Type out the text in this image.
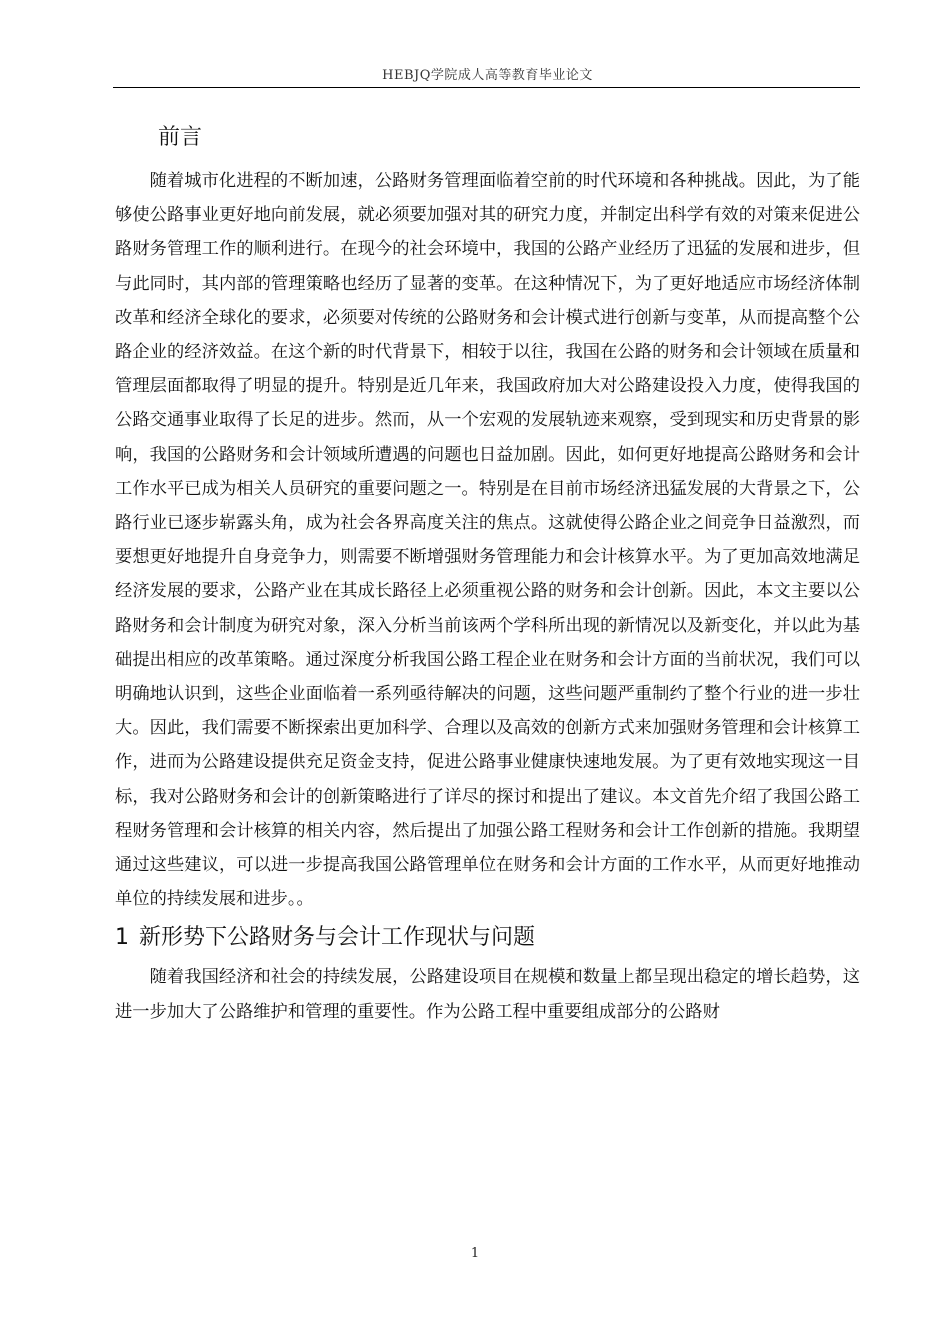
HEBJQ学院成人高等教育毕业论文
前言

随着城市化进程的不断加速，公路财务管理面临着空前的时代环境和各种挑战。因此，为了能够使公路事业更好地向前发展，就必须要加强对其的研究力度，并制定出科学有效的对策来促进公路财务管理工作的顺利进行。在现今的社会环境中，我国的公路产业经历了迅猛的发展和进步，但与此同时，其内部的管理策略也经历了显著的变革。在这种情况下，为了更好地适应市场经济体制改革和经济全球化的要求，必须要对传统的公路财务和会计模式进行创新与变革，从而提高整个公路企业的经济效益。在这个新的时代背景下，相较于以往，我国在公路的财务和会计领域在质量和管理层面都取得了明显的提升。特别是近几年来，我国政府加大对公路建设投入力度，使得我国的公路交通事业取得了长足的进步。然而，从一个宏观的发展轨迹来观察，受到现实和历史背景的影响，我国的公路财务和会计领域所遭遇的问题也日益加剧。因此，如何更好地提高公路财务和会计工作水平已成为相关人员研究的重要问题之一。特别是在目前市场经济迅猛发展的大背景之下，公路行业已逐步崭露头角，成为社会各界高度关注的焦点。这就使得公路企业之间竞争日益激烈，而要想更好地提升自身竞争力，则需要不断增强财务管理能力和会计核算水平。为了更加高效地满足经济发展的要求，公路产业在其成长路径上必须重视公路的财务和会计创新。因此，本文主要以公路财务和会计制度为研究对象，深入分析当前该两个学科所出现的新情况以及新变化，并以此为基础提出相应的改革策略。通过深度分析我国公路工程企业在财务和会计方面的当前状况，我们可以明确地认识到，这些企业面临着一系列亟待解决的问题，这些问题严重制约了整个行业的进一步壮大。因此，我们需要不断探索出更加科学、合理以及高效的创新方式来加强财务管理和会计核算工作，进而为公路建设提供充足资金支持，促进公路事业健康快速地发展。为了更有效地实现这一目标，我对公路财务和会计的创新策略进行了详尽的探讨和提出了建议。本文首先介绍了我国公路工程财务管理和会计核算的相关内容，然后提出了加强公路工程财务和会计工作创新的措施。我期望通过这些建议，可以进一步提高我国公路管理单位在财务和会计方面的工作水平，从而更好地推动单位的持续发展和进步。。

1 新形势下公路财务与会计工作现状与问题

随着我国经济和社会的持续发展，公路建设项目在规模和数量上都呈现出稳定的增长趋势，这进一步加大了公路维护和管理的重要性。作为公路工程中重要组成部分的公路财

1
